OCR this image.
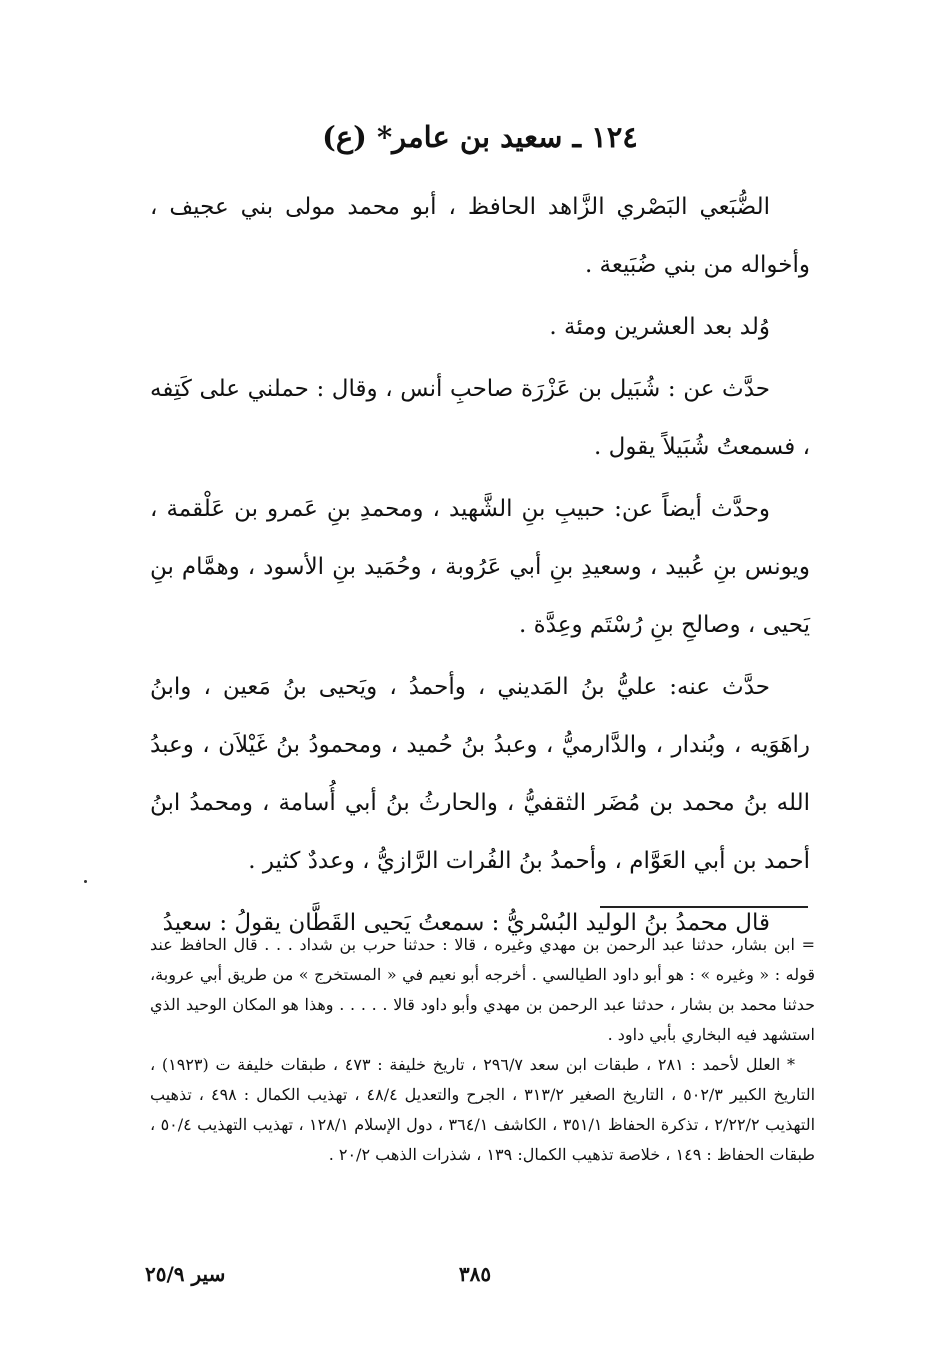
١٢٤ ـ سعيد بن عامر* (ع)

الضُّبَعي البَصْري الزَّاهد الحافظ ، أبو محمد مولى بني عجيف ، وأخواله من بني ضُبَيعة .

وُلد بعد العشرين ومئة .

حدَّث عن : شُبَيل بن عَزْرَة صاحبِ أنس ، وقال : حملني على كَتِفه ، فسمعتُ شُبَيلاً يقول .

وحدَّث أيضاً عن: حبيبِ بنِ الشَّهيد ، ومحمدِ بنِ عَمرو بن عَلْقمة ، ويونس بنِ عُبيد ، وسعيدِ بنِ أبي عَرُوبة ، وحُمَيد بنِ الأسود ، وهمَّام بنِ يَحيى ، وصالحِ بنِ رُسْتَم وعِدَّة .

حدَّث عنه: عليُّ بنُ المَديني ، وأحمدُ ، ويَحيى بنُ مَعين ، وابنُ راهَوَيه ، وبُندار ، والدَّارميُّ ، وعبدُ بنُ حُميد ، ومحمودُ بنُ غَيْلاَن ، وعبدُ الله بنُ محمد بن مُضَر الثقفيُّ ، والحارثُ بنُ أبي أُسامة ، ومحمدُ ابنُ أحمد بن أبي العَوَّام ، وأحمدُ بنُ الفُرات الرَّازيُّ ، وعددٌ كثير .

قال محمدُ بنُ الوليد البُسْريُّ : سمعتُ يَحيى القَطَّان يقولُ : سعيدُ

= ابن بشار، حدثنا عبد الرحمن بن مهدي وغيره ، قالا : حدثنا حرب بن شداد . . . قال الحافظ عند قوله : « وغيره » : هو أبو داود الطيالسي . أخرجه أبو نعيم في « المستخرج » من طريق أبي عروبة، حدثنا محمد بن بشار ، حدثنا عبد الرحمن بن مهدي وأبو داود قالا . . . . . وهذا هو المكان الوحيد الذي استشهد فيه البخاري بأبي داود .

* العلل لأحمد : ٢٨١ ، طبقات ابن سعد ٢٩٦/٧ ، تاريخ خليفة : ٤٧٣ ، طبقات خليفة ت (١٩٢٣) ، التاريخ الكبير ٥٠٢/٣ ، التاريخ الصغير ٣١٣/٢ ، الجرح والتعديل ٤٨/٤ ، تهذيب الكمال : ٤٩٨ ، تذهيب التهذيب ٢/٢٢/٢ ، تذكرة الحفاظ ٣٥١/١ ، الكاشف ٣٦٤/١ ، دول الإسلام ١٢٨/١ ، تهذيب التهذيب ٥٠/٤ ، طبقات الحفاظ : ١٤٩ ، خلاصة تذهيب الكمال: ١٣٩ ، شذرات الذهب ٢٠/٢ .

٣٨٥
سير ٢٥/٩
